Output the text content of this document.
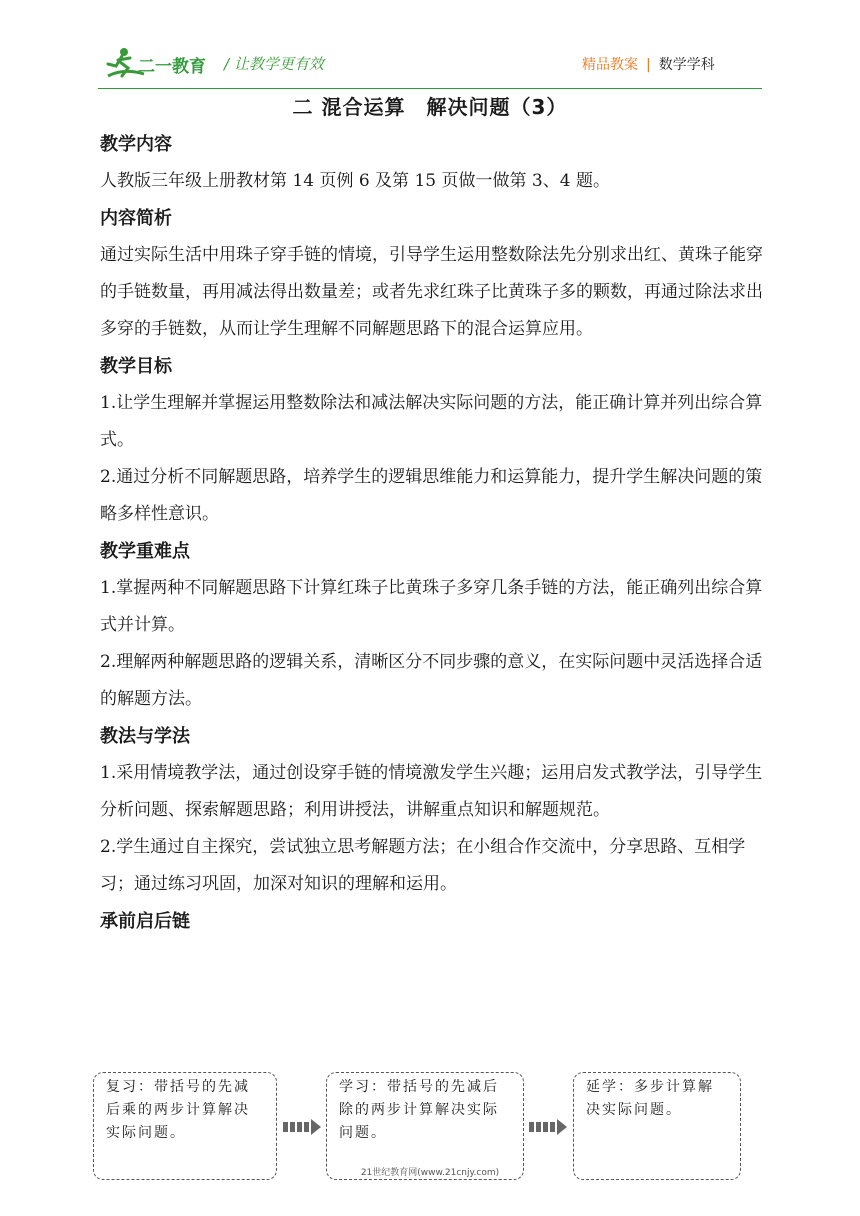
二一教育 / 让教学更有效	精品教案 | 数学学科
二 混合运算　解决问题（3）

教学内容

人教版三年级上册教材第 14 页例 6 及第 15 页做一做第 3、4 题。

内容简析

通过实际生活中用珠子穿手链的情境，引导学生运用整数除法先分别求出红、黄珠子能穿的手链数量，再用减法得出数量差；或者先求红珠子比黄珠子多的颗数，再通过除法求出多穿的手链数，从而让学生理解不同解题思路下的混合运算应用。

教学目标

1.让学生理解并掌握运用整数除法和减法解决实际问题的方法，能正确计算并列出综合算式。

2.通过分析不同解题思路，培养学生的逻辑思维能力和运算能力，提升学生解决问题的策略多样性意识。

教学重难点

1.掌握两种不同解题思路下计算红珠子比黄珠子多穿几条手链的方法，能正确列出综合算式并计算。

2.理解两种解题思路的逻辑关系，清晰区分不同步骤的意义，在实际问题中灵活选择合适的解题方法。

教法与学法

1.采用情境教学法，通过创设穿手链的情境激发学生兴趣；运用启发式教学法，引导学生分析问题、探索解题思路；利用讲授法，讲解重点知识和解题规范。

2.学生通过自主探究，尝试独立思考解题方法；在小组合作交流中，分享思路、互相学习；通过练习巩固，加深对知识的理解和运用。

承前启后链

复习：带括号的先减后乘的两步计算解决实际问题。
学习：带括号的先减后除的两步计算解决实际问题。
延学：多步计算解决实际问题。
21世纪教育网(www.21cnjy.com)
